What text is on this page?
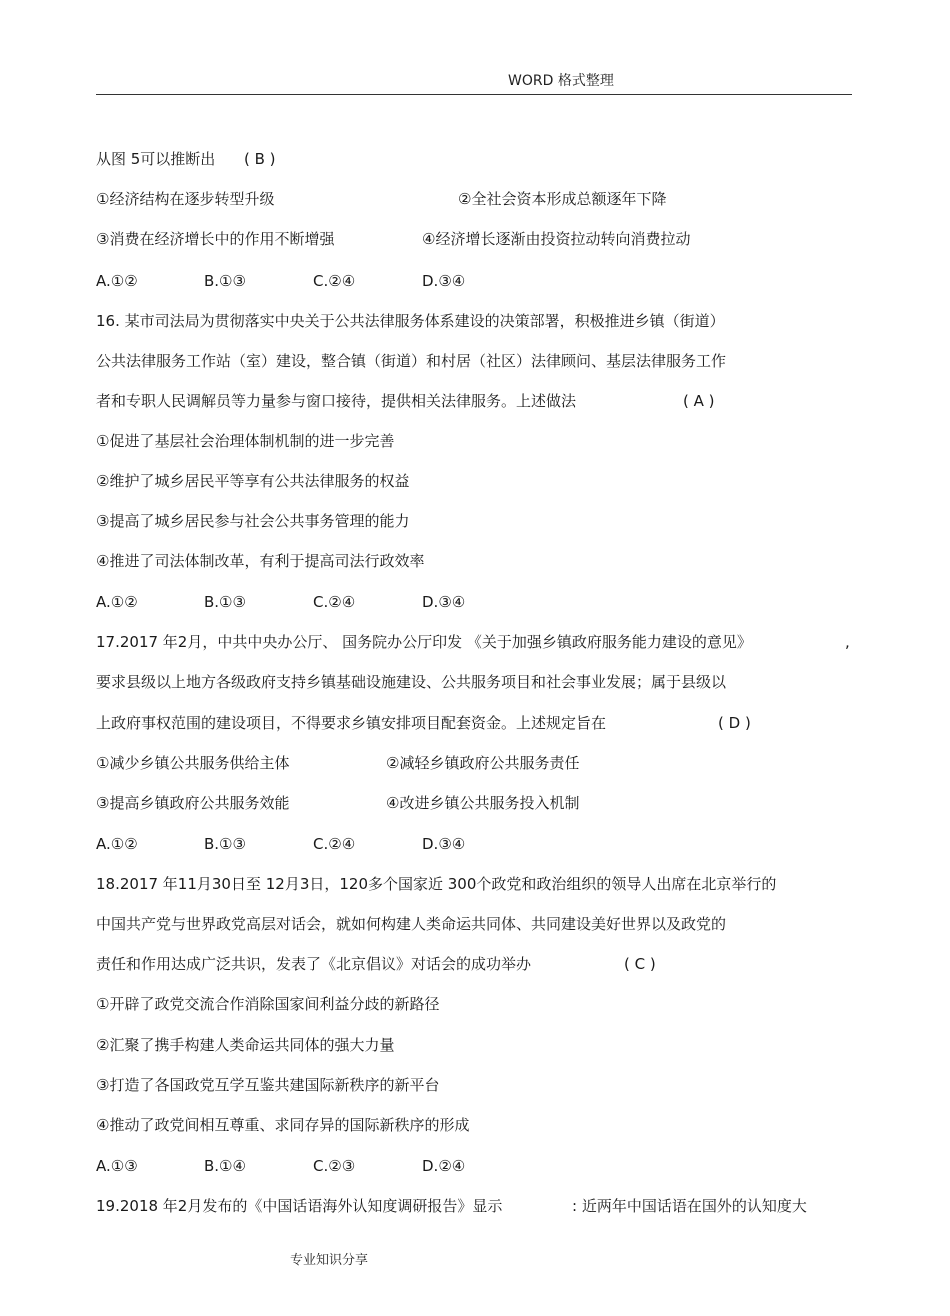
WORD 格式整理
从图 5可以推断出 ( B )
①经济结构在逐步转型升级	②全社会资本形成总额逐年下降
③消费在经济增长中的作用不断增强	④经济增长逐渐由投资拉动转向消费拉动
A.①②	B.①③	C.②④	D.③④
16. 某市司法局为贯彻落实中央关于公共法律服务体系建设的决策部署，积极推进乡镇（街道）
公共法律服务工作站（室）建设，整合镇（街道）和村居（社区）法律顾问、基层法律服务工作
者和专职人民调解员等力量参与窗口接待，提供相关法律服务。上述做法	( A )
①促进了基层社会治理体制机制的进一步完善
②维护了城乡居民平等享有公共法律服务的权益
③提高了城乡居民参与社会公共事务管理的能力
④推进了司法体制改革，有利于提高司法行政效率
A.①②	B.①③	C.②④	D.③④
17.2017 年2月，中共中央办公厅、 国务院办公厅印发 《关于加强乡镇政府服务能力建设的意见》	,
要求县级以上地方各级政府支持乡镇基础设施建设、公共服务项目和社会事业发展；属于县级以
上政府事权范围的建设项目，不得要求乡镇安排项目配套资金。上述规定旨在	( D )
①减少乡镇公共服务供给主体	②减轻乡镇政府公共服务责任
③提高乡镇政府公共服务效能	④改进乡镇公共服务投入机制
A.①②	B.①③	C.②④	D.③④
18.2017 年11月30日至 12月3日，120多个国家近 300个政党和政治组织的领导人出席在北京举行的
中国共产党与世界政党高层对话会，就如何构建人类命运共同体、共同建设美好世界以及政党的
责任和作用达成广泛共识，发表了《北京倡议》对话会的成功举办	( C )
①开辟了政党交流合作消除国家间利益分歧的新路径
②汇聚了携手构建人类命运共同体的强大力量
③打造了各国政党互学互鉴共建国际新秩序的新平台
④推动了政党间相互尊重、求同存异的国际新秩序的形成
A.①③	B.①④	C.②③	D.②④
19.2018 年2月发布的《中国话语海外认知度调研报告》显示	: 近两年中国话语在国外的认知度大
专业知识分享
